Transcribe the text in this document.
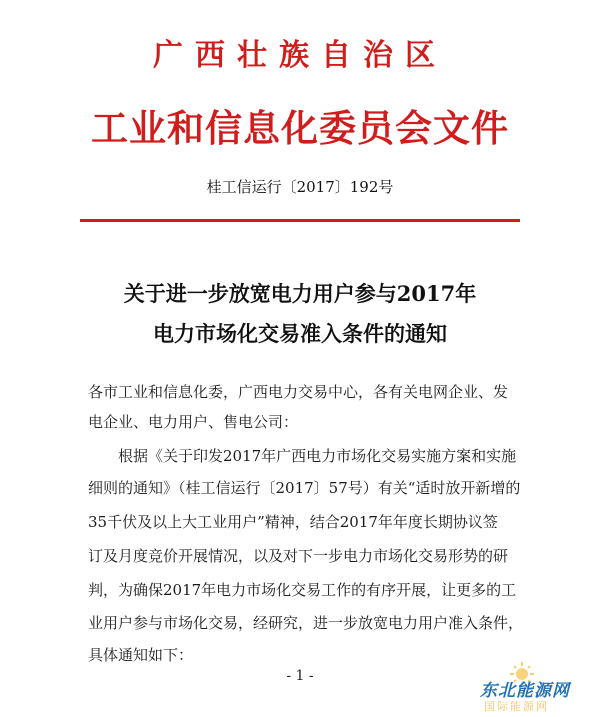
广西壮族自治区
工业和信息化委员会文件
桂工信运行〔2017〕192号
关于进一步放宽电力用户参与2017年
电力市场化交易准入条件的通知
各市工业和信息化委，广西电力交易中心，各有关电网企业、发
电企业、电力用户、售电公司：
根据《关于印发2017年广西电力市场化交易实施方案和实施
细则的通知》（桂工信运行〔2017〕57号）有关“适时放开新增的
35千伏及以上大工业用户”精神，结合2017年年度长期协议签
订及月度竞价开展情况，以及对下一步电力市场化交易形势的研
判，为确保2017年电力市场化交易工作的有序开展，让更多的工
业用户参与市场化交易，经研究，进一步放宽电力用户准入条件，
具体通知如下：
- 1 -
东北能源网
国际能源网
